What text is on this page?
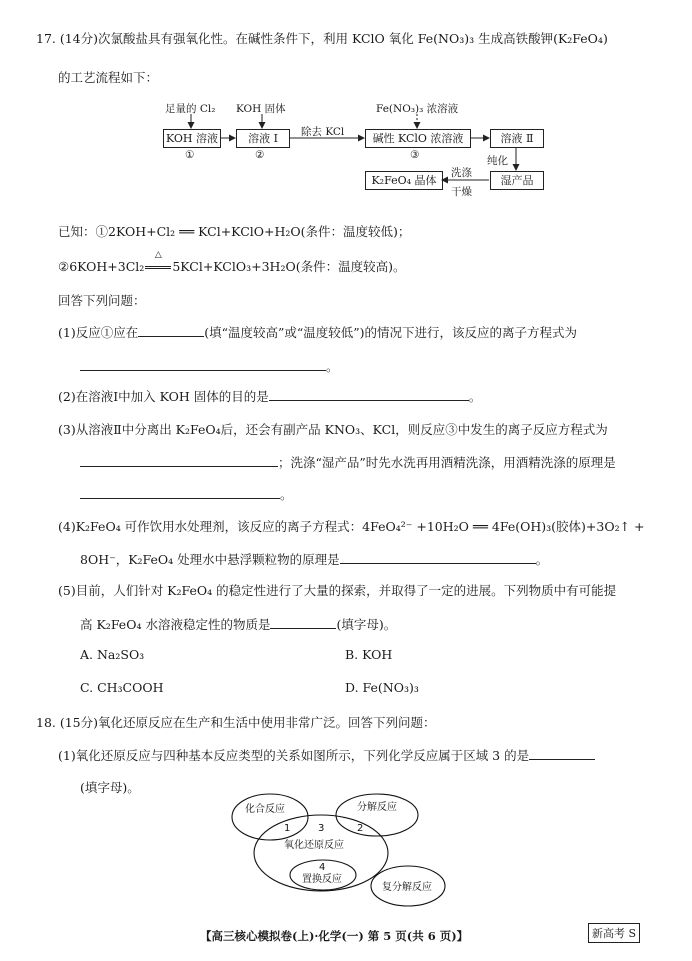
17. (14分)次氯酸盐具有强氧化性。在碱性条件下，利用 KClO 氧化 Fe(NO₃)₃ 生成高铁酸钾(K₂FeO₄)
的工艺流程如下：
足量的 Cl₂ KOH 固体	Fe(NO₃)₃ 浓溶液
KOH 溶液
①
溶液 Ⅰ
②
除去 KCl	碱性 KClO 浓溶液
③
溶液 Ⅱ
纯化
湿产品
洗涤
干燥
K₂FeO₄ 晶体
已知：①2KOH+Cl₂ ══ KCl+KClO+H₂O(条件：温度较低)；
②6KOH+3Cl₂
△
5KCl+KClO₃+3H₂O(条件：温度较高)。
回答下列问题：
(1)反应①应在	(填“温度较高”或“温度较低”)的情况下进行，该反应的离子方程式为
。
(2)在溶液Ⅰ中加入 KOH 固体的目的是	。
(3)从溶液Ⅱ中分离出 K₂FeO₄后，还会有副产品 KNO₃、KCl，则反应③中发生的离子反应方程式为
；洗涤“湿产品”时先水洗再用酒精洗涤，用酒精洗涤的原理是
。
(4)K₂FeO₄ 可作饮用水处理剂，该反应的离子方程式：4FeO₄²⁻ +10H₂O ══ 4Fe(OH)₃(胶体)+3O₂↑ +
8OH⁻，K₂FeO₄ 处理水中悬浮颗粒物的原理是	。
(5)目前，人们针对 K₂FeO₄ 的稳定性进行了大量的探索，并取得了一定的进展。下列物质中有可能提
高 K₂FeO₄ 水溶液稳定性的物质是	(填字母)。
A. Na₂SO₃	B. KOH
C. CH₃COOH	D. Fe(NO₃)₃
18. (15分)氧化还原反应在生产和生活中使用非常广泛。回答下列问题：
(1)氧化还原反应与四种基本反应类型的关系如图所示，下列化学反应属于区域 3 的是
(填字母)。
化合反应	分解反应
氧化还原反应
置换反应
复分解反应
1	2
3
4
【高三核心模拟卷(上)·化学(一) 第 5 页(共 6 页)】	新高考 S
